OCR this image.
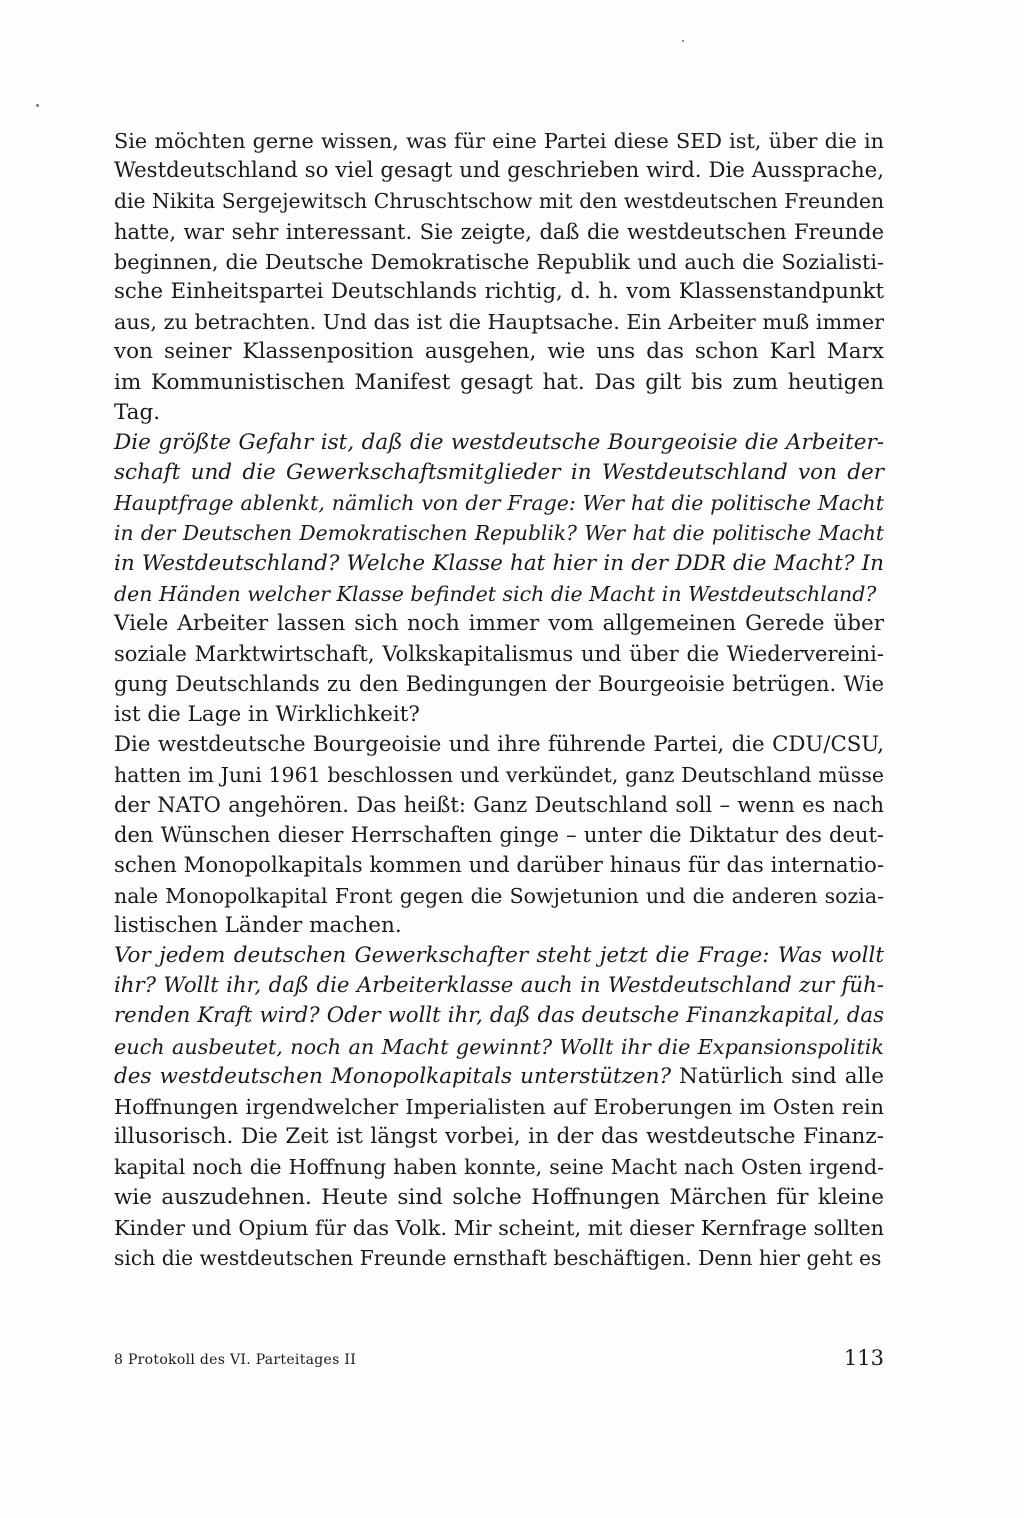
Sie möchten gerne wissen, was für eine Partei diese SED ist, über die in
Westdeutschland so viel gesagt und geschrieben wird. Die Aussprache,
die Nikita Sergejewitsch Chruschtschow mit den westdeutschen Freunden
hatte, war sehr interessant. Sie zeigte, daß die westdeutschen Freunde
beginnen, die Deutsche Demokratische Republik und auch die Sozialisti-
sche Einheitspartei Deutschlands richtig, d. h. vom Klassenstandpunkt
aus, zu betrachten. Und das ist die Hauptsache. Ein Arbeiter muß immer
von seiner Klassenposition ausgehen, wie uns das schon Karl Marx
im Kommunistischen Manifest gesagt hat. Das gilt bis zum heutigen
Tag.
Die größte Gefahr ist, daß die westdeutsche Bourgeoisie die Arbeiter-
schaft und die Gewerkschaftsmitglieder in Westdeutschland von der
Hauptfrage ablenkt, nämlich von der Frage: Wer hat die politische Macht
in der Deutschen Demokratischen Republik? Wer hat die politische Macht
in Westdeutschland? Welche Klasse hat hier in der DDR die Macht? In
den Händen welcher Klasse befindet sich die Macht in Westdeutschland?
Viele Arbeiter lassen sich noch immer vom allgemeinen Gerede über
soziale Marktwirtschaft, Volkskapitalismus und über die Wiedervereini-
gung Deutschlands zu den Bedingungen der Bourgeoisie betrügen. Wie
ist die Lage in Wirklichkeit?
Die westdeutsche Bourgeoisie und ihre führende Partei, die CDU/CSU,
hatten im Juni 1961 beschlossen und verkündet, ganz Deutschland müsse
der NATO angehören. Das heißt: Ganz Deutschland soll – wenn es nach
den Wünschen dieser Herrschaften ginge – unter die Diktatur des deut-
schen Monopolkapitals kommen und darüber hinaus für das internatio-
nale Monopolkapital Front gegen die Sowjetunion und die anderen sozia-
listischen Länder machen.
Vor jedem deutschen Gewerkschafter steht jetzt die Frage: Was wollt
ihr? Wollt ihr, daß die Arbeiterklasse auch in Westdeutschland zur füh-
renden Kraft wird? Oder wollt ihr, daß das deutsche Finanzkapital, das
euch ausbeutet, noch an Macht gewinnt? Wollt ihr die Expansionspolitik
des westdeutschen Monopolkapitals unterstützen? Natürlich sind alle
Hoffnungen irgendwelcher Imperialisten auf Eroberungen im Osten rein
illusorisch. Die Zeit ist längst vorbei, in der das westdeutsche Finanz-
kapital noch die Hoffnung haben konnte, seine Macht nach Osten irgend-
wie auszudehnen. Heute sind solche Hoffnungen Märchen für kleine
Kinder und Opium für das Volk. Mir scheint, mit dieser Kernfrage sollten
sich die westdeutschen Freunde ernsthaft beschäftigen. Denn hier geht es
8 Protokoll des VI. Parteitages II	113
